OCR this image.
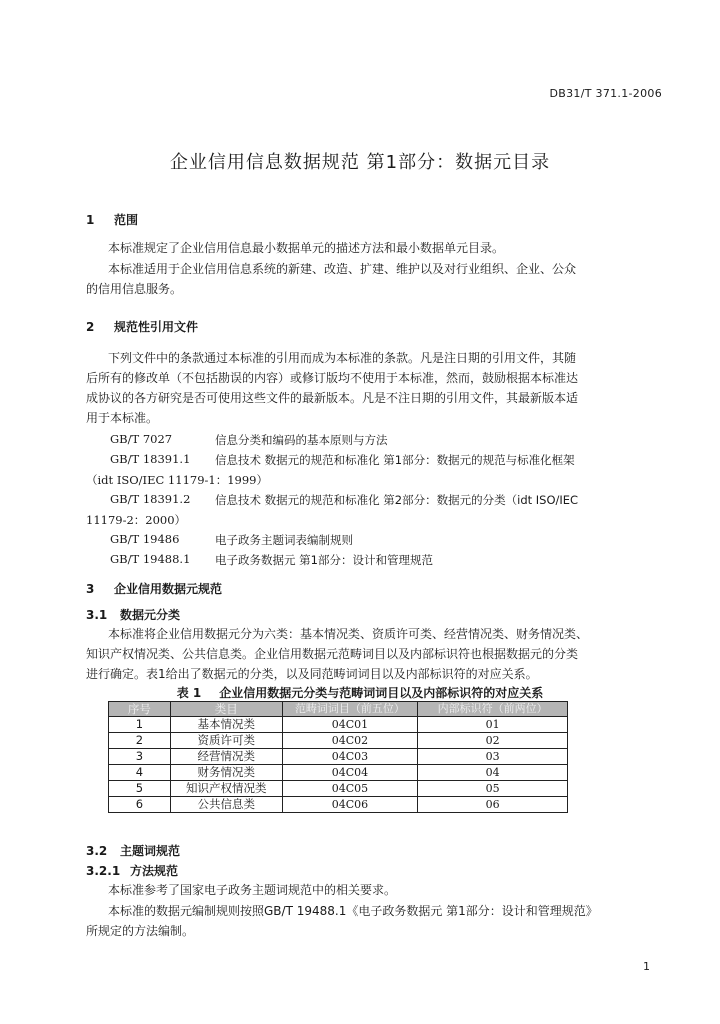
DB31/T 371.1-2006
企业信用信息数据规范 第1部分：数据元目录
1 范围
本标准规定了企业信用信息最小数据单元的描述方法和最小数据单元目录。
本标准适用于企业信用信息系统的新建、改造、扩建、维护以及对行业组织、企业、公众
的信用信息服务。
2 规范性引用文件
下列文件中的条款通过本标准的引用而成为本标准的条款。凡是注日期的引用文件，其随
后所有的修改单（不包括勘误的内容）或修订版均不使用于本标准，然而，鼓励根据本标准达
成协议的各方研究是否可使用这些文件的最新版本。凡是不注日期的引用文件，其最新版本适
用于本标准。
GB/T 7027	信息分类和编码的基本原则与方法
GB/T 18391.1 信息技术 数据元的规范和标准化 第1部分：数据元的规范与标准化框架
（idt ISO/IEC 11179-1：1999）
GB/T 18391.2 信息技术 数据元的规范和标准化 第2部分：数据元的分类（idt ISO/IEC
11179-2：2000）
GB/T 19486	电子政务主题词表编制规则
GB/T 19488.1 电子政务数据元 第1部分：设计和管理规范
3 企业信用数据元规范
3.1 数据元分类
本标准将企业信用数据元分为六类：基本情况类、资质许可类、经营情况类、财务情况类、
知识产权情况类、公共信息类。企业信用数据元范畴词目以及内部标识符也根据数据元的分类
进行确定。表1给出了数据元的分类，以及同范畴词词目以及内部标识符的对应关系。
表 1 企业信用数据元分类与范畴词词目以及内部标识符的对应关系
序号	类目	范畴词词目（前五位）	内部标识符（前两位）
1	基本情况类	04C01	01
2	资质许可类	04C02	02
3	经营情况类	04C03	03
4	财务情况类	04C04	04
5	知识产权情况类	04C05	05
6	公共信息类	04C06	06
3.2 主题词规范
3.2.1 方法规范
本标准参考了国家电子政务主题词规范中的相关要求。
本标准的数据元编制规则按照GB/T 19488.1《电子政务数据元 第1部分：设计和管理规范》
所规定的方法编制。
1
